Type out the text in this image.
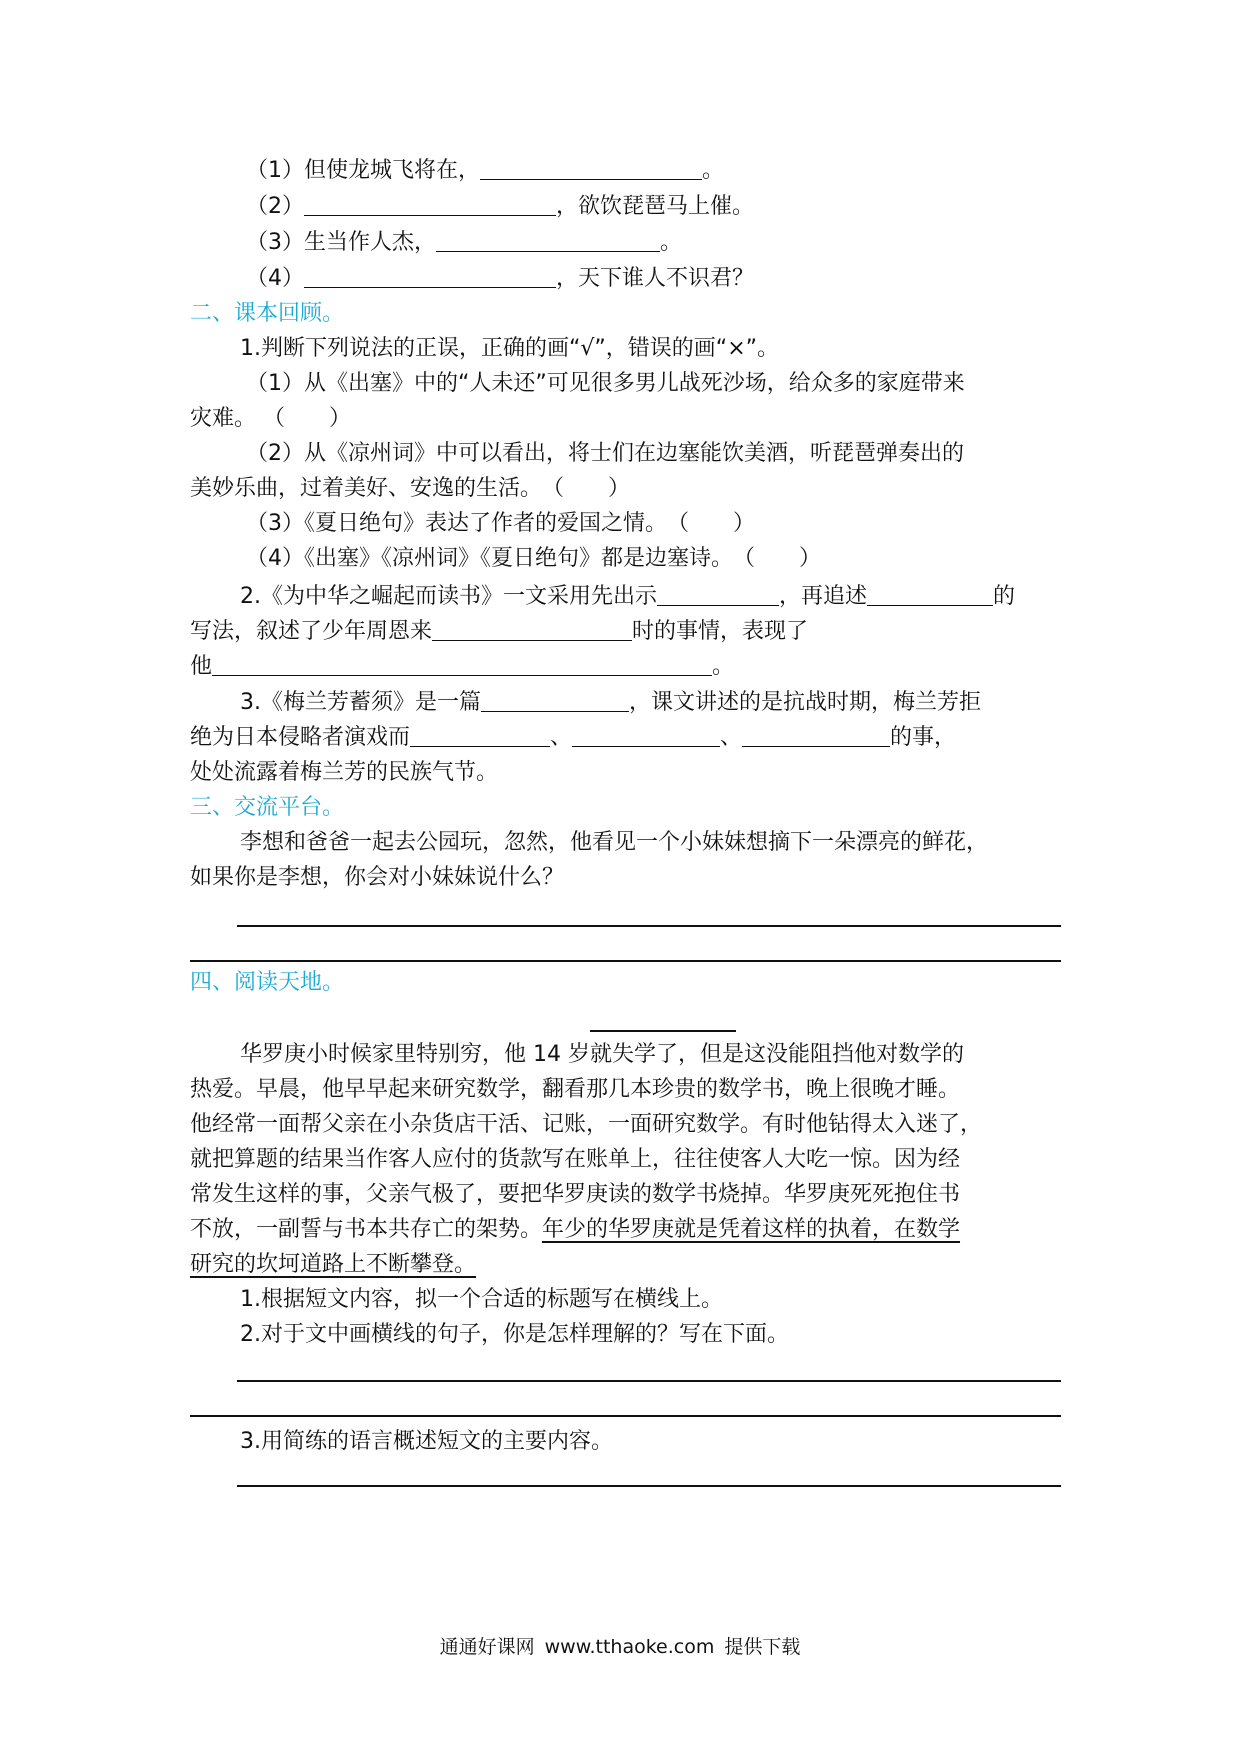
（1）但使龙城飞将在，	。
（2）	，欲饮琵琶马上催。
（3）生当作人杰，	。
（4）	，天下谁人不识君？
二、课本回顾。
1.判断下列说法的正误，正确的画“√”，错误的画“×”。
（1）从《出塞》中的“人未还”可见很多男儿战死沙场，给众多的家庭带来
灾难。 （　　）
（2）从《凉州词》中可以看出，将士们在边塞能饮美酒，听琵琶弹奏出的
美妙乐曲，过着美好、安逸的生活。　（　　）
（3）《夏日绝句》表达了作者的爱国之情。　（　　）
（4）《出塞》《凉州词》《夏日绝句》都是边塞诗。　（　　）
2.《为中华之崛起而读书》一文采用先出示	，再追述	的
写法，叙述了少年周恩来	时的事情，表现了
他	。
3.《梅兰芳蓄须》是一篇	，课文讲述的是抗战时期，梅兰芳拒
绝为日本侵略者演戏而	、	、	的事，
处处流露着梅兰芳的民族气节。
三、交流平台。
李想和爸爸一起去公园玩，忽然，他看见一个小妹妹想摘下一朵漂亮的鲜花，
如果你是李想，你会对小妹妹说什么？
四、阅读天地。
华罗庚小时候家里特别穷，他 14 岁就失学了，但是这没能阻挡他对数学的
热爱。早晨，他早早起来研究数学，翻看那几本珍贵的数学书，晚上很晚才睡。
他经常一面帮父亲在小杂货店干活、记账，一面研究数学。有时他钻得太入迷了，
就把算题的结果当作客人应付的货款写在账单上，往往使客人大吃一惊。因为经
常发生这样的事，父亲气极了，要把华罗庚读的数学书烧掉。华罗庚死死抱住书
不放，一副誓与书本共存亡的架势。年少的华罗庚就是凭着这样的执着，在数学
研究的坎坷道路上不断攀登。
1.根据短文内容，拟一个合适的标题写在横线上。
2.对于文中画横线的句子，你是怎样理解的？写在下面。
3.用简练的语言概述短文的主要内容。
通通好课网 www.tthaoke.com 提供下载
